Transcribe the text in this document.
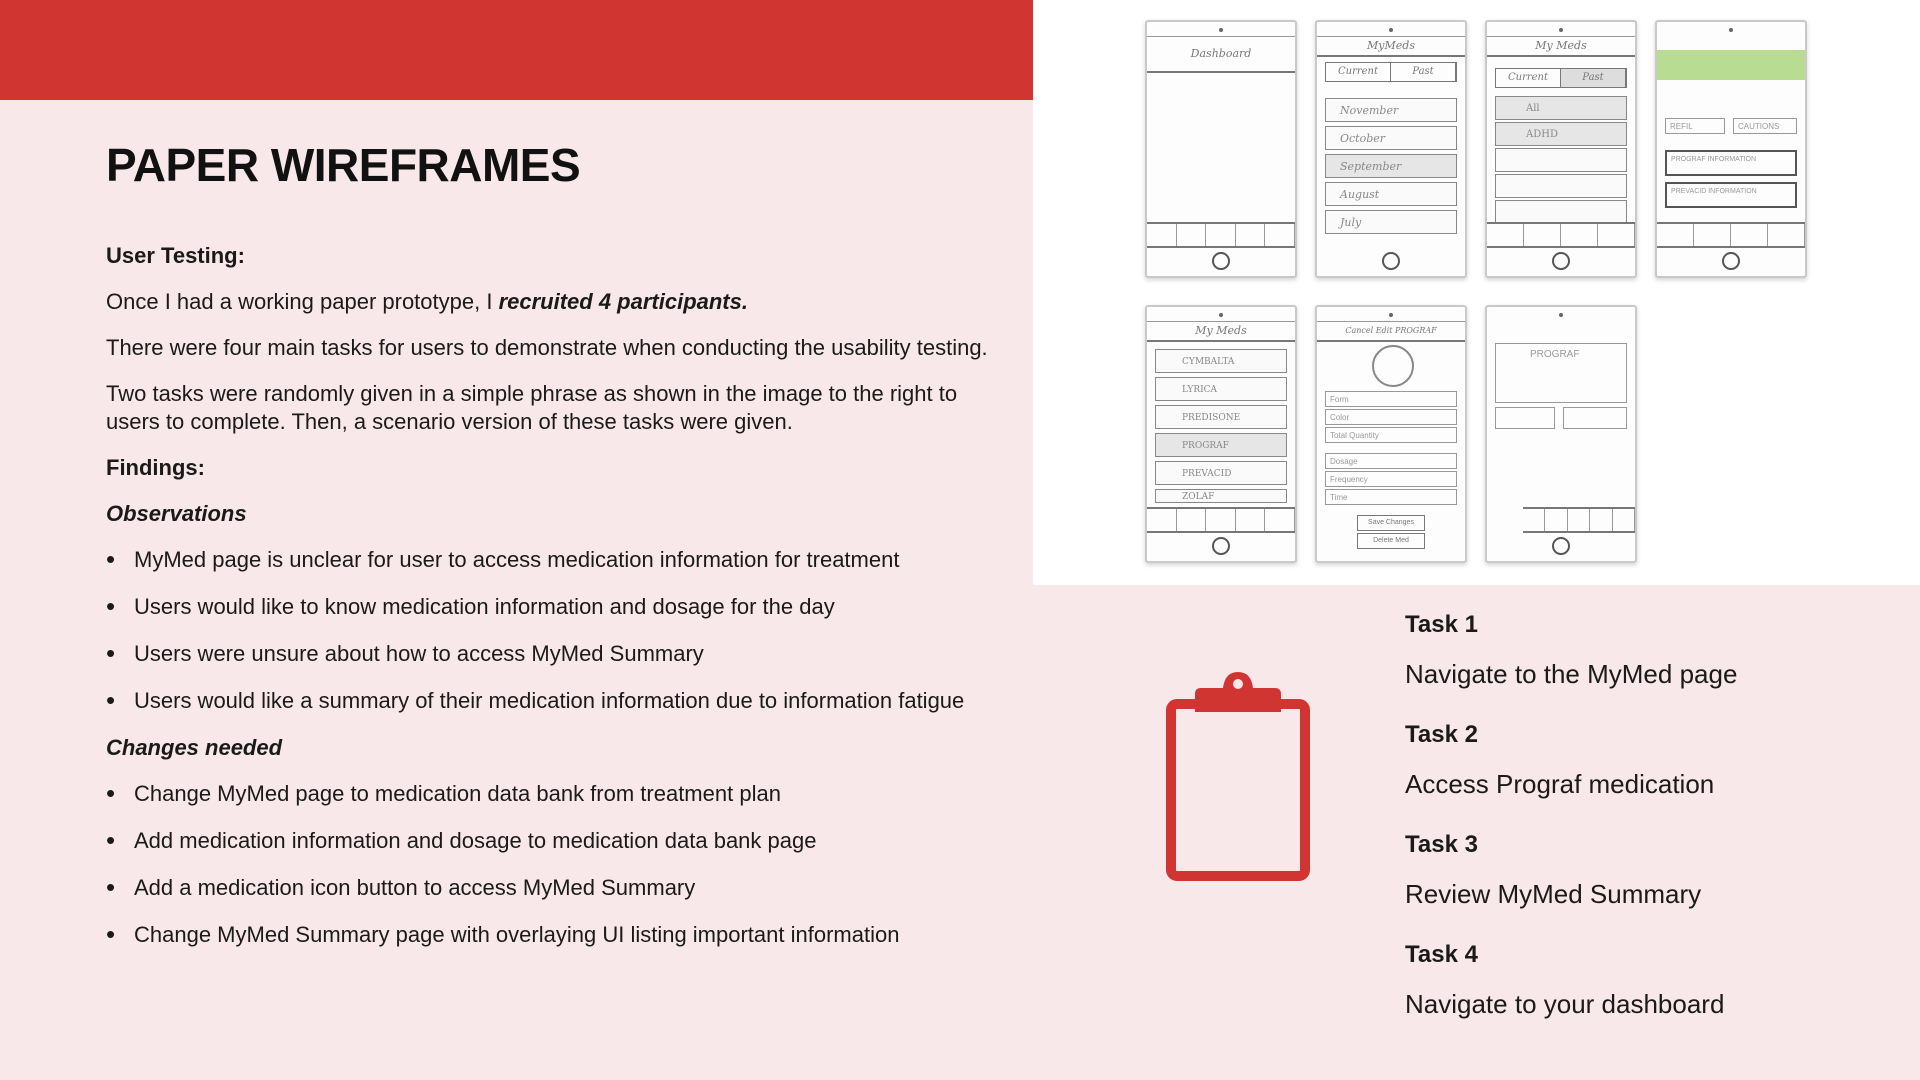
PAPER WIREFRAMES

User Testing:

Once I had a working paper prototype, I recruited 4 participants.

There were four main tasks for users to demonstrate when conducting the usability testing.

Two tasks were randomly given in a simple phrase as shown in the image to the right to users to complete. Then, a scenario version of these tasks were given.

Findings:

Observations

• MyMed page is unclear for user to access medication information for treatment
• Users would like to know medication information and dosage for the day
• Users were unsure about how to access MyMed Summary
• Users would like a summary of their medication information due to information fatigue

Changes needed

• Change MyMed page to medication data bank from treatment plan
• Add medication information and dosage to medication data bank page
• Add a medication icon button to access MyMed Summary
• Change MyMed Summary page with overlaying UI listing important information
Dashboard
MyMeds
Current	Past
November
October
September
August
July
My Meds
Current	Past
All
ADHD
REFIL	CAUTIONS
PROGRAF INFORMATION
PREVACID INFORMATION
My Meds
CYMBALTA
LYRICA
PREDISONE
PROGRAF
PREVACID
ZOLAF
Cancel Edit PROGRAF
Form
Color
Total Quantity
Dosage
Frequency
Time
Save Changes
Delete Med
PROGRAF

Task 1

Navigate to the MyMed page

Task 2

Access Prograf medication

Task 3

Review MyMed Summary

Task 4

Navigate to your dashboard
